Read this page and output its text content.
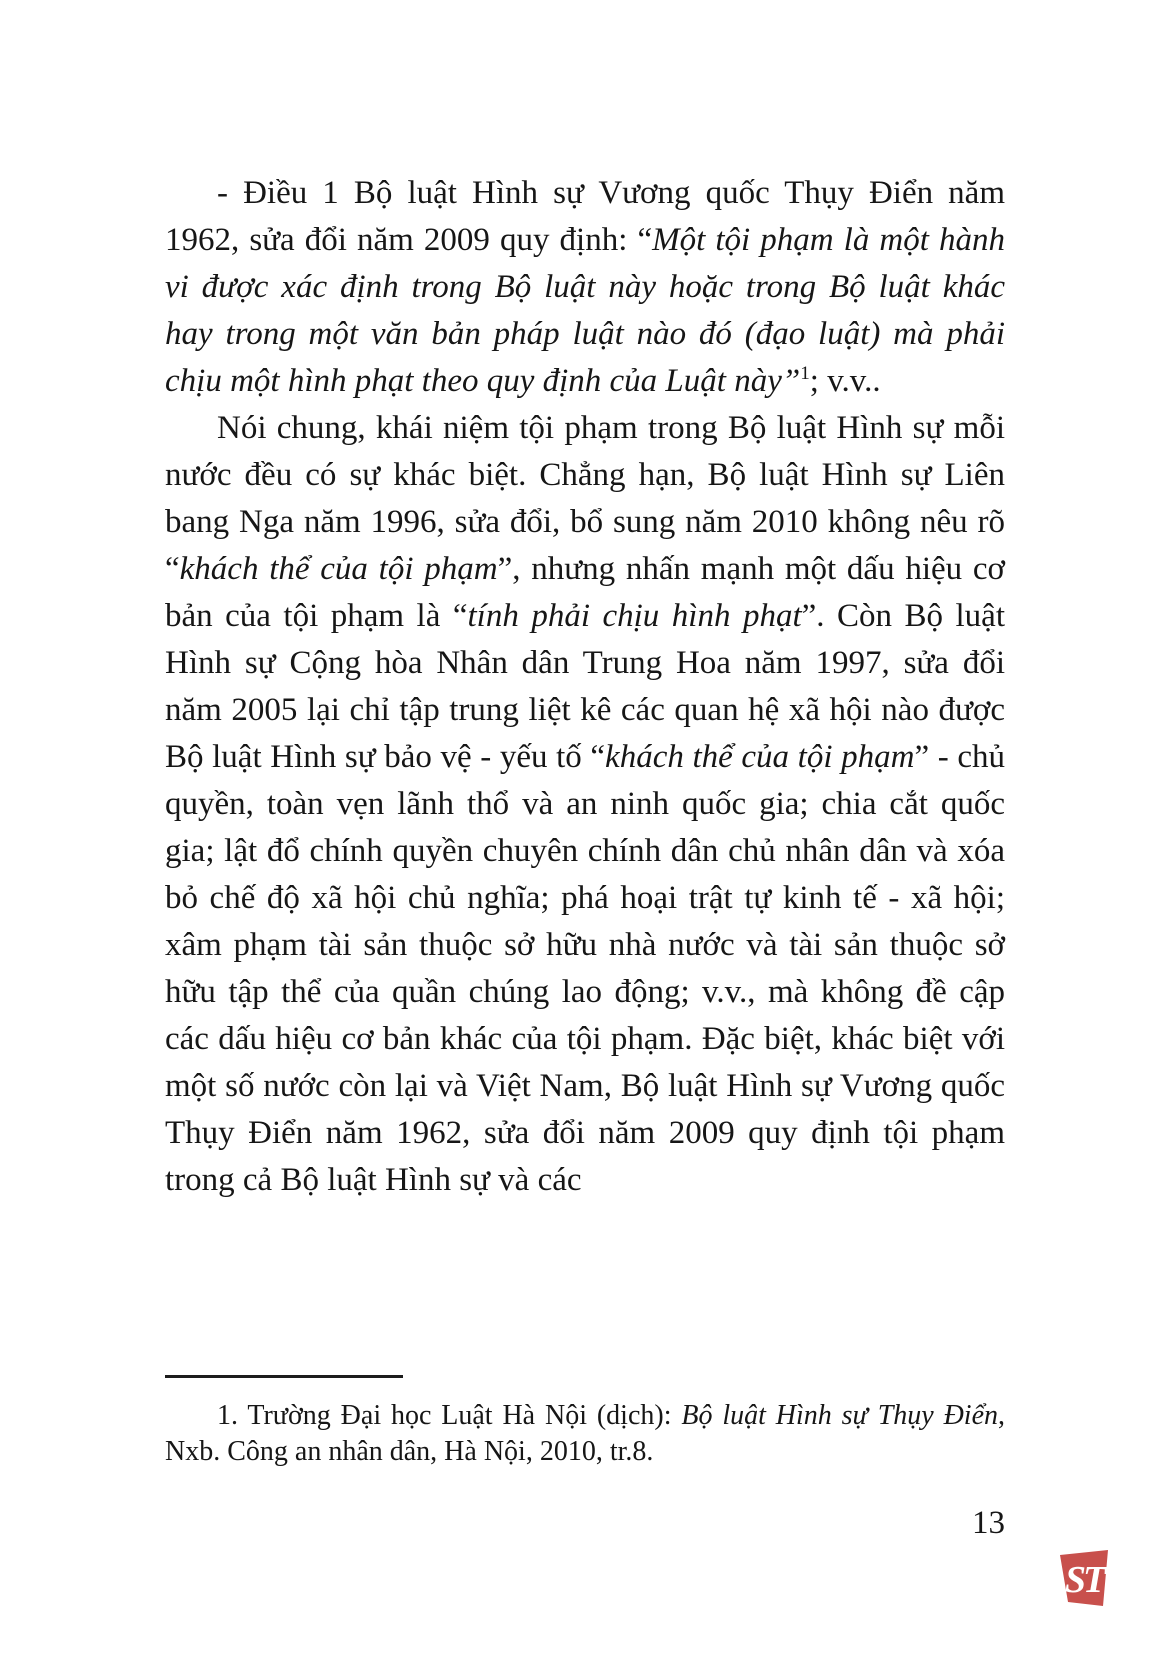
- Điều 1 Bộ luật Hình sự Vương quốc Thụy Điển năm 1962, sửa đổi năm 2009 quy định: “Một tội phạm là một hành vi được xác định trong Bộ luật này hoặc trong Bộ luật khác hay trong một văn bản pháp luật nào đó (đạo luật) mà phải chịu một hình phạt theo quy định của Luật này”$^1$; v.v..

Nói chung, khái niệm tội phạm trong Bộ luật Hình sự mỗi nước đều có sự khác biệt. Chẳng hạn, Bộ luật Hình sự Liên bang Nga năm 1996, sửa đổi, bổ sung năm 2010 không nêu rõ “khách thể của tội phạm”, nhưng nhấn mạnh một dấu hiệu cơ bản của tội phạm là “tính phải chịu hình phạt”. Còn Bộ luật Hình sự Cộng hòa Nhân dân Trung Hoa năm 1997, sửa đổi năm 2005 lại chỉ tập trung liệt kê các quan hệ xã hội nào được Bộ luật Hình sự bảo vệ - yếu tố “khách thể của tội phạm” - chủ quyền, toàn vẹn lãnh thổ và an ninh quốc gia; chia cắt quốc gia; lật đổ chính quyền chuyên chính dân chủ nhân dân và xóa bỏ chế độ xã hội chủ nghĩa; phá hoại trật tự kinh tế - xã hội; xâm phạm tài sản thuộc sở hữu nhà nước và tài sản thuộc sở hữu tập thể của quần chúng lao động; v.v., mà không đề cập các dấu hiệu cơ bản khác của tội phạm. Đặc biệt, khác biệt với một số nước còn lại và Việt Nam, Bộ luật Hình sự Vương quốc Thụy Điển năm 1962, sửa đổi năm 2009 quy định tội phạm trong cả Bộ luật Hình sự và các

1. Trường Đại học Luật Hà Nội (dịch): Bộ luật Hình sự Thụy Điển, Nxb. Công an nhân dân, Hà Nội, 2010, tr.8.

13
ST
